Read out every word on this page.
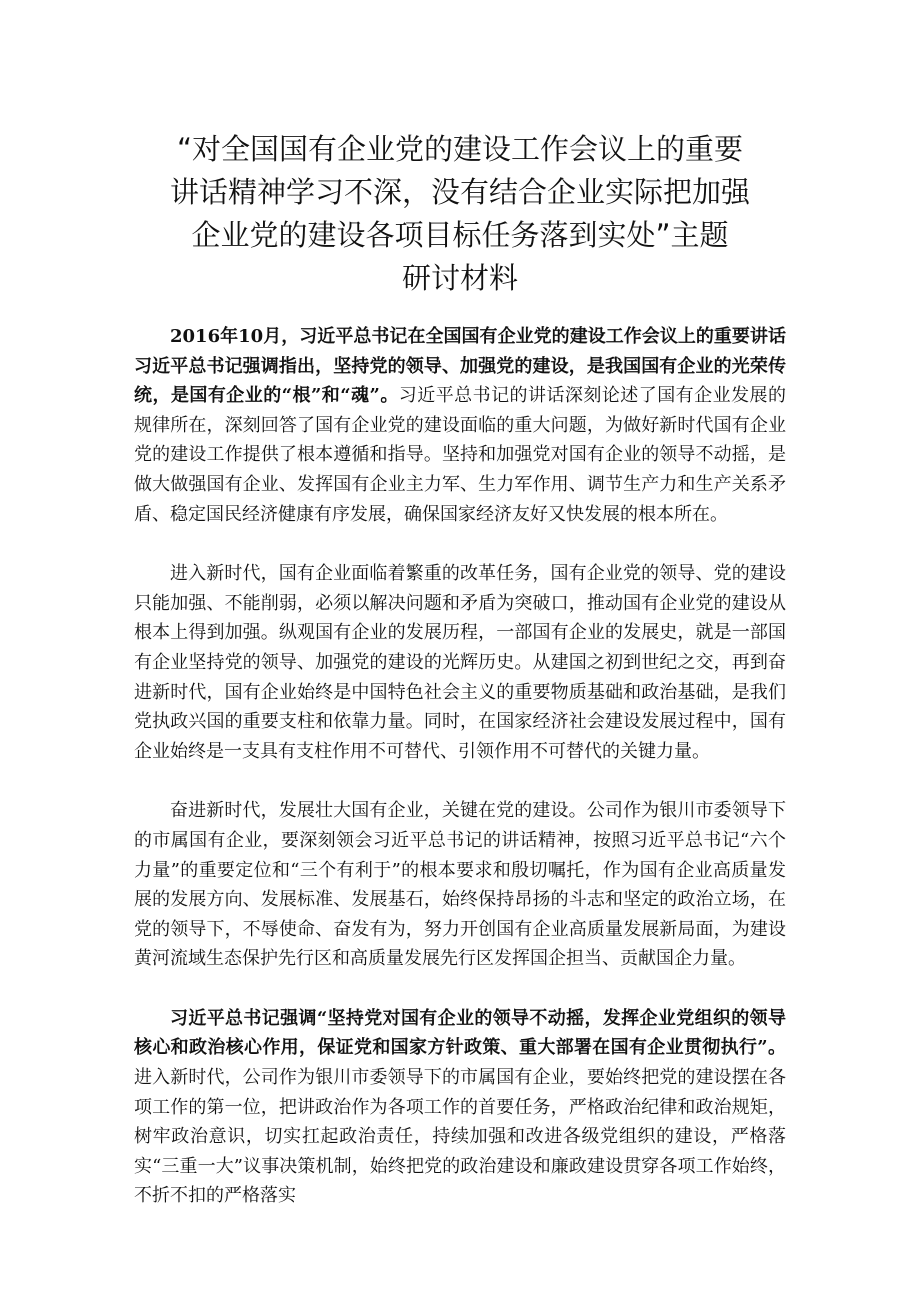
“对全国国有企业党的建设工作会议上的重要
讲话精神学习不深，没有结合企业实际把加强
企业党的建设各项目标任务落到实处”主题
研讨材料

2016年10月，习近平总书记在全国国有企业党的建设工作会议上的重要讲话习近平总书记强调指出，坚持党的领导、加强党的建设，是我国国有企业的光荣传统，是国有企业的“根”和“魂”。习近平总书记的讲话深刻论述了国有企业发展的规律所在，深刻回答了国有企业党的建设面临的重大问题，为做好新时代国有企业党的建设工作提供了根本遵循和指导。坚持和加强党对国有企业的领导不动摇，是做大做强国有企业、发挥国有企业主力军、生力军作用、调节生产力和生产关系矛盾、稳定国民经济健康有序发展，确保国家经济友好又快发展的根本所在。

进入新时代，国有企业面临着繁重的改革任务，国有企业党的领导、党的建设只能加强、不能削弱，必须以解决问题和矛盾为突破口，推动国有企业党的建设从根本上得到加强。纵观国有企业的发展历程，一部国有企业的发展史，就是一部国有企业坚持党的领导、加强党的建设的光辉历史。从建国之初到世纪之交，再到奋进新时代，国有企业始终是中国特色社会主义的重要物质基础和政治基础，是我们党执政兴国的重要支柱和依靠力量。同时，在国家经济社会建设发展过程中，国有企业始终是一支具有支柱作用不可替代、引领作用不可替代的关键力量。

奋进新时代，发展壮大国有企业，关键在党的建设。公司作为银川市委领导下的市属国有企业，要深刻领会习近平总书记的讲话精神，按照习近平总书记“六个力量”的重要定位和“三个有利于”的根本要求和殷切嘱托，作为国有企业高质量发展的发展方向、发展标准、发展基石，始终保持昂扬的斗志和坚定的政治立场，在党的领导下，不辱使命、奋发有为，努力开创国有企业高质量发展新局面，为建设黄河流域生态保护先行区和高质量发展先行区发挥国企担当、贡献国企力量。

习近平总书记强调“坚持党对国有企业的领导不动摇，发挥企业党组织的领导核心和政治核心作用，保证党和国家方针政策、重大部署在国有企业贯彻执行”。进入新时代，公司作为银川市委领导下的市属国有企业，要始终把党的建设摆在各项工作的第一位，把讲政治作为各项工作的首要任务，严格政治纪律和政治规矩，树牢政治意识，切实扛起政治责任，持续加强和改进各级党组织的建设，严格落实“三重一大”议事决策机制，始终把党的政治建设和廉政建设贯穿各项工作始终，不折不扣的严格落实
